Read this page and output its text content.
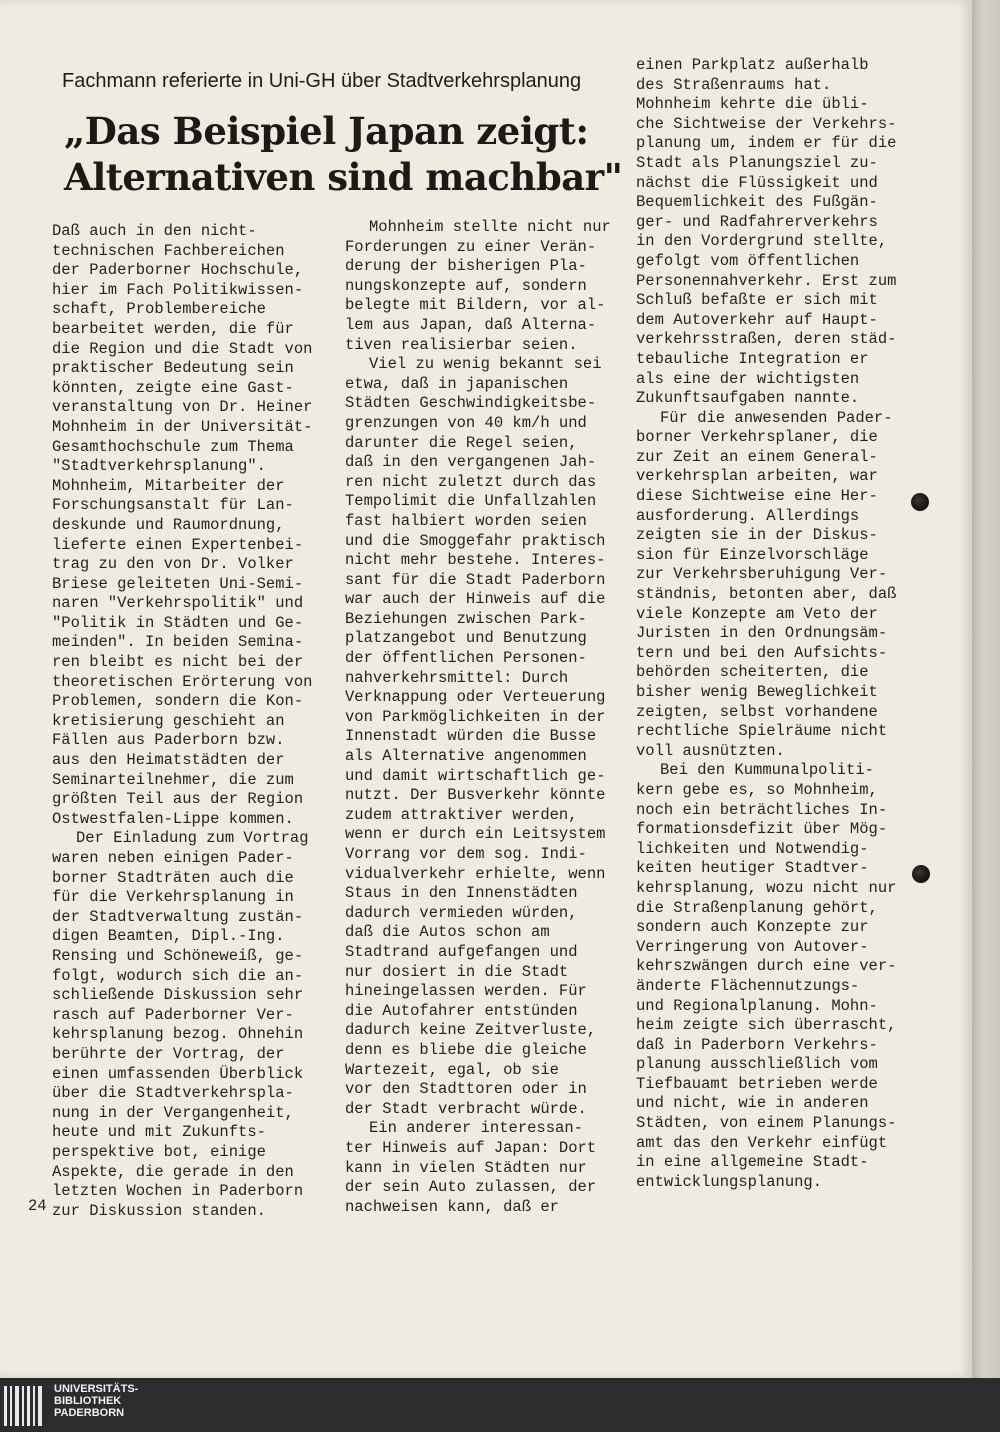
Fachmann referierte in Uni-GH über Stadtverkehrsplanung
„Das Beispiel Japan zeigt:
Alternativen sind machbar"
Daß auch in den nicht-
technischen Fachbereichen
der Paderborner Hochschule,
hier im Fach Politikwissen-
schaft, Problembereiche
bearbeitet werden, die für
die Region und die Stadt von
praktischer Bedeutung sein
könnten, zeigte eine Gast-
veranstaltung von Dr. Heiner
Mohnheim in der Universität-
Gesamthochschule zum Thema
"Stadtverkehrsplanung".
Mohnheim, Mitarbeiter der
Forschungsanstalt für Lan-
deskunde und Raumordnung,
lieferte einen Expertenbei-
trag zu den von Dr. Volker
Briese geleiteten Uni-Semi-
naren "Verkehrspolitik" und
"Politik in Städten und Ge-
meinden". In beiden Semina-
ren bleibt es nicht bei der
theoretischen Erörterung von
Problemen, sondern die Kon-
kretisierung geschieht an
Fällen aus Paderborn bzw.
aus den Heimatstädten der
Seminarteilnehmer, die zum
größten Teil aus der Region
Ostwestfalen-Lippe kommen.
Der Einladung zum Vortrag
waren neben einigen Pader-
borner Stadträten auch die
für die Verkehrsplanung in
der Stadtverwaltung zustän-
digen Beamten, Dipl.-Ing.
Rensing und Schöneweiß, ge-
folgt, wodurch sich die an-
schließende Diskussion sehr
rasch auf Paderborner Ver-
kehrsplanung bezog. Ohnehin
berührte der Vortrag, der
einen umfassenden Überblick
über die Stadtverkehrspla-
nung in der Vergangenheit,
heute und mit Zukunfts-
perspektive bot, einige
Aspekte, die gerade in den
letzten Wochen in Paderborn
zur Diskussion standen.
Mohnheim stellte nicht nur
Forderungen zu einer Verän-
derung der bisherigen Pla-
nungskonzepte auf, sondern
belegte mit Bildern, vor al-
lem aus Japan, daß Alterna-
tiven realisierbar seien.
Viel zu wenig bekannt sei
etwa, daß in japanischen
Städten Geschwindigkeitsbe-
grenzungen von 40 km/h und
darunter die Regel seien,
daß in den vergangenen Jah-
ren nicht zuletzt durch das
Tempolimit die Unfallzahlen
fast halbiert worden seien
und die Smoggefahr praktisch
nicht mehr bestehe. Interes-
sant für die Stadt Paderborn
war auch der Hinweis auf die
Beziehungen zwischen Park-
platzangebot und Benutzung
der öffentlichen Personen-
nahverkehrsmittel: Durch
Verknappung oder Verteuerung
von Parkmöglichkeiten in der
Innenstadt würden die Busse
als Alternative angenommen
und damit wirtschaftlich ge-
nutzt. Der Busverkehr könnte
zudem attraktiver werden,
wenn er durch ein Leitsystem
Vorrang vor dem sog. Indi-
vidualverkehr erhielte, wenn
Staus in den Innenstädten
dadurch vermieden würden,
daß die Autos schon am
Stadtrand aufgefangen und
nur dosiert in die Stadt
hineingelassen werden. Für
die Autofahrer entstünden
dadurch keine Zeitverluste,
denn es bliebe die gleiche
Wartezeit, egal, ob sie
vor den Stadttoren oder in
der Stadt verbracht würde.
Ein anderer interessan-
ter Hinweis auf Japan: Dort
kann in vielen Städten nur
der sein Auto zulassen, der
nachweisen kann, daß er
einen Parkplatz außerhalb
des Straßenraums hat.
Mohnheim kehrte die übli-
che Sichtweise der Verkehrs-
planung um, indem er für die
Stadt als Planungsziel zu-
nächst die Flüssigkeit und
Bequemlichkeit des Fußgän-
ger- und Radfahrerverkehrs
in den Vordergrund stellte,
gefolgt vom öffentlichen
Personennahverkehr. Erst zum
Schluß befaßte er sich mit
dem Autoverkehr auf Haupt-
verkehrsstraßen, deren städ-
tebauliche Integration er
als eine der wichtigsten
Zukunftsaufgaben nannte.
Für die anwesenden Pader-
borner Verkehrsplaner, die
zur Zeit an einem General-
verkehrsplan arbeiten, war
diese Sichtweise eine Her-
ausforderung. Allerdings
zeigten sie in der Diskus-
sion für Einzelvorschläge
zur Verkehrsberuhigung Ver-
ständnis, betonten aber, daß
viele Konzepte am Veto der
Juristen in den Ordnungsäm-
tern und bei den Aufsichts-
behörden scheiterten, die
bisher wenig Beweglichkeit
zeigten, selbst vorhandene
rechtliche Spielräume nicht
voll ausnützten.
Bei den Kummunalpoliti-
kern gebe es, so Mohnheim,
noch ein beträchtliches In-
formationsdefizit über Mög-
lichkeiten und Notwendig-
keiten heutiger Stadtver-
kehrsplanung, wozu nicht nur
die Straßenplanung gehört,
sondern auch Konzepte zur
Verringerung von Autover-
kehrszwängen durch eine ver-
änderte Flächennutzungs-
und Regionalplanung. Mohn-
heim zeigte sich überrascht,
daß in Paderborn Verkehrs-
planung ausschließlich vom
Tiefbauamt betrieben werde
und nicht, wie in anderen
Städten, von einem Planungs-
amt das den Verkehr einfügt
in eine allgemeine Stadt-
entwicklungsplanung.
24
UNIVERSITÄTS-
BIBLIOTHEK
PADERBORN
